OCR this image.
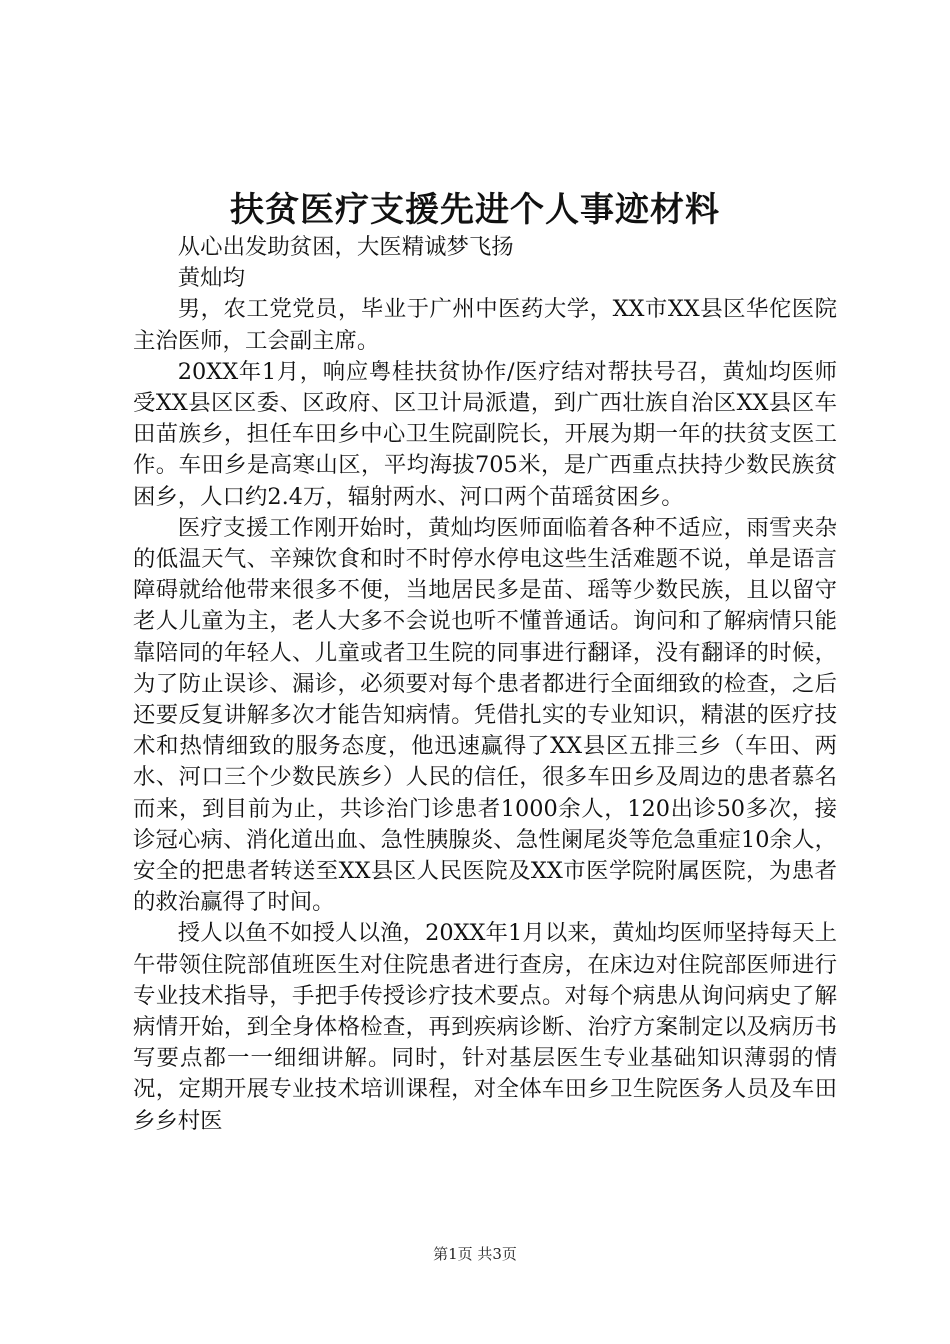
扶贫医疗支援先进个人事迹材料

从心出发助贫困，大医精诚梦飞扬

黄灿均

男，农工党党员，毕业于广州中医药大学，XX市XX县区华佗医院主治医师，工会副主席。

20XX年1月，响应粤桂扶贫协作/医疗结对帮扶号召，黄灿均医师受XX县区区委、区政府、区卫计局派遣，到广西壮族自治区XX县区车田苗族乡，担任车田乡中心卫生院副院长，开展为期一年的扶贫支医工作。车田乡是高寒山区，平均海拔705米，是广西重点扶持少数民族贫困乡，人口约2.4万，辐射两水、河口两个苗瑶贫困乡。

医疗支援工作刚开始时，黄灿均医师面临着各种不适应，雨雪夹杂的低温天气、辛辣饮食和时不时停水停电这些生活难题不说，单是语言障碍就给他带来很多不便，当地居民多是苗、瑶等少数民族，且以留守老人儿童为主，老人大多不会说也听不懂普通话。询问和了解病情只能靠陪同的年轻人、儿童或者卫生院的同事进行翻译，没有翻译的时候，为了防止误诊、漏诊，必须要对每个患者都进行全面细致的检查，之后还要反复讲解多次才能告知病情。凭借扎实的专业知识，精湛的医疗技术和热情细致的服务态度，他迅速赢得了XX县区五排三乡（车田、两水、河口三个少数民族乡）人民的信任，很多车田乡及周边的患者慕名而来，到目前为止，共诊治门诊患者1000余人，120出诊50多次，接诊冠心病、消化道出血、急性胰腺炎、急性阑尾炎等危急重症10余人，安全的把患者转送至XX县区人民医院及XX市医学院附属医院，为患者的救治赢得了时间。

授人以鱼不如授人以渔，20XX年1月以来，黄灿均医师坚持每天上午带领住院部值班医生对住院患者进行查房，在床边对住院部医师进行专业技术指导，手把手传授诊疗技术要点。对每个病患从询问病史了解病情开始，到全身体格检查，再到疾病诊断、治疗方案制定以及病历书写要点都一一细细讲解。同时，针对基层医生专业基础知识薄弱的情况，定期开展专业技术培训课程，对全体车田乡卫生院医务人员及车田乡乡村医

第1页 共3页
